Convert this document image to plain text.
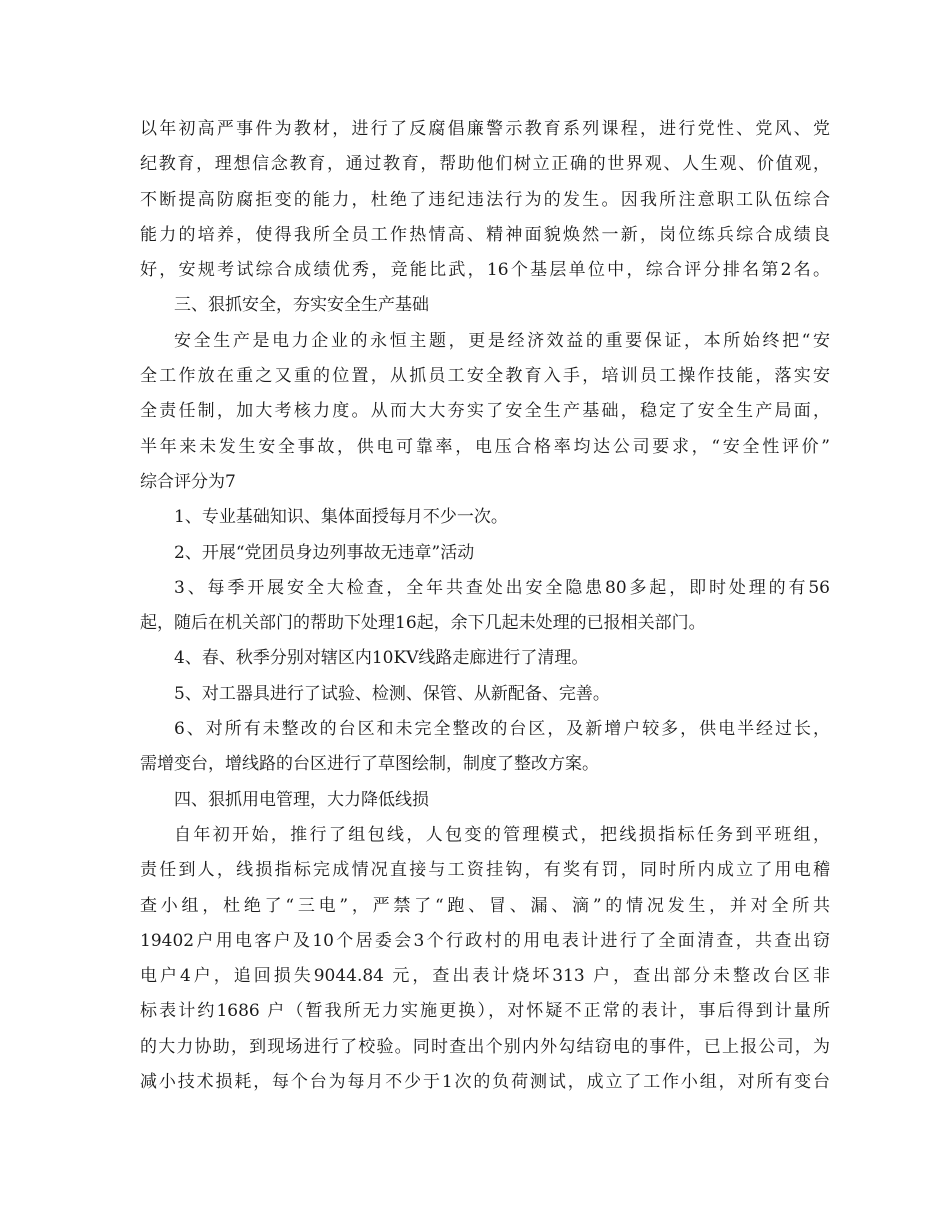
以年初高严事件为教材，进行了反腐倡廉警示教育系列课程，进行党性、党风、党
纪教育，理想信念教育，通过教育，帮助他们树立正确的世界观、人生观、价值观，
不断提高防腐拒变的能力，杜绝了违纪违法行为的发生。因我所注意职工队伍综合
能力的培养，使得我所全员工作热情高、精神面貌焕然一新，岗位练兵综合成绩良
好，安规考试综合成绩优秀，竞能比武，16个基层单位中，综合评分排名第2名。
三、狠抓安全，夯实安全生产基础
安全生产是电力企业的永恒主题，更是经济效益的重要保证，本所始终把“安
全工作放在重之又重的位置，从抓员工安全教育入手，培训员工操作技能，落实安
全责任制，加大考核力度。从而大大夯实了安全生产基础，稳定了安全生产局面，
半年来未发生安全事故，供电可靠率，电压合格率均达公司要求，“安全性评价”
综合评分为7
1、专业基础知识、集体面授每月不少一次。
2、开展“党团员身边列事故无违章”活动
3、每季开展安全大检查，全年共查处出安全隐患80多起，即时处理的有56
起，随后在机关部门的帮助下处理16起，余下几起未处理的已报相关部门。
4、春、秋季分别对辖区内10KV线路走廊进行了清理。
5、对工器具进行了试验、检测、保管、从新配备、完善。
6、对所有未整改的台区和未完全整改的台区，及新增户较多，供电半经过长，
需增变台，增线路的台区进行了草图绘制，制度了整改方案。
四、狠抓用电管理，大力降低线损
自年初开始，推行了组包线，人包变的管理模式，把线损指标任务到平班组，
责任到人，线损指标完成情况直接与工资挂钩，有奖有罚，同时所内成立了用电稽
查小组，杜绝了“三电”，严禁了“跑、冒、漏、滴”的情况发生，并对全所共
19402户用电客户及10个居委会3个行政村的用电表计进行了全面清查，共查出窃
电户4户，追回损失9044.84 元，查出表计烧坏313 户，查出部分未整改台区非
标表计约1686 户（暂我所无力实施更换），对怀疑不正常的表计，事后得到计量所
的大力协助，到现场进行了校验。同时查出个别内外勾结窃电的事件，已上报公司，为
减小技术损耗，每个台为每月不少于1次的负荷测试，成立了工作小组，对所有变台
